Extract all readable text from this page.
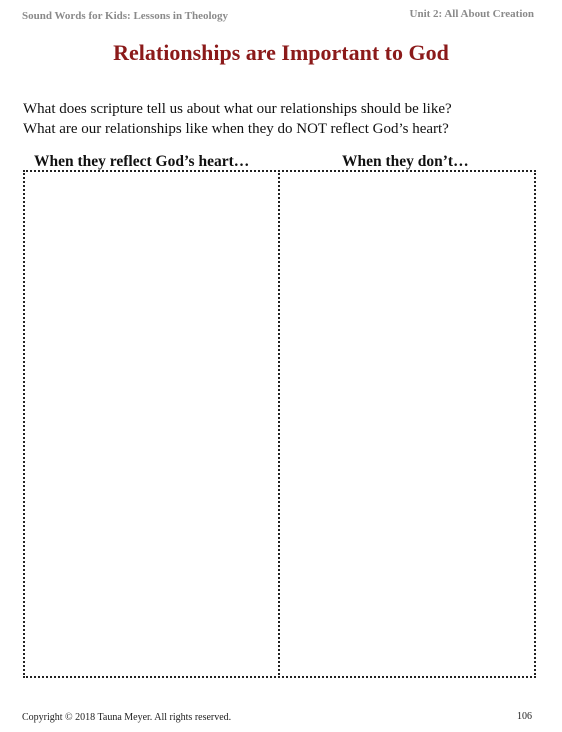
Sound Words for Kids: Lessons in Theology	Unit 2: All About Creation
Relationships are Important to God
What does scripture tell us about what our relationships should be like?
What are our relationships like when they do NOT reflect God’s heart?
When they reflect God’s heart…	When they don’t…
Copyright © 2018 Tauna Meyer. All rights reserved.	106
